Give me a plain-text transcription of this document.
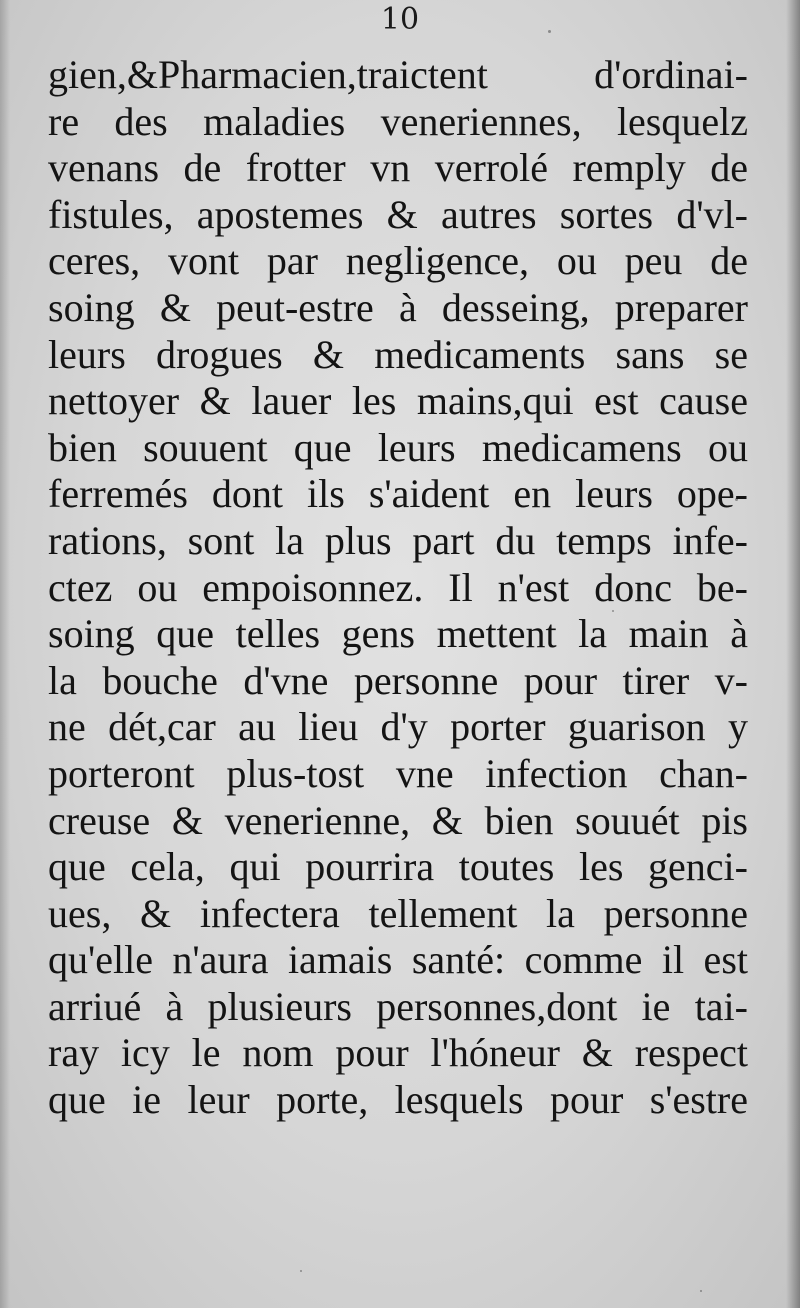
10
gien,&Pharmacien,traictent d'ordinai-
re des maladies veneriennes, lesquelz
venans de frotter vn verrolé remply de
fistules, apostemes & autres sortes d'vl-
ceres, vont par negligence, ou peu de
soing & peut-estre à desseing, preparer
leurs drogues & medicaments sans se
nettoyer & lauer les mains,qui est cause
bien souuent que leurs medicamens ou
ferremés dont ils s'aident en leurs ope-
rations, sont la plus part du temps infe-
ctez ou empoisonnez. Il n'est donc be-
soing que telles gens mettent la main à
la bouche d'vne personne pour tirer v-
ne dét,car au lieu d'y porter guarison y
porteront plus-tost vne infection chan-
creuse & venerienne, & bien souuét pis
que cela, qui pourrira toutes les genci-
ues, & infectera tellement la personne
qu'elle n'aura iamais santé: comme il est
arriué à plusieurs personnes,dont ie tai-
ray icy le nom pour l'hóneur & respect
que ie leur porte, lesquels pour s'estre
